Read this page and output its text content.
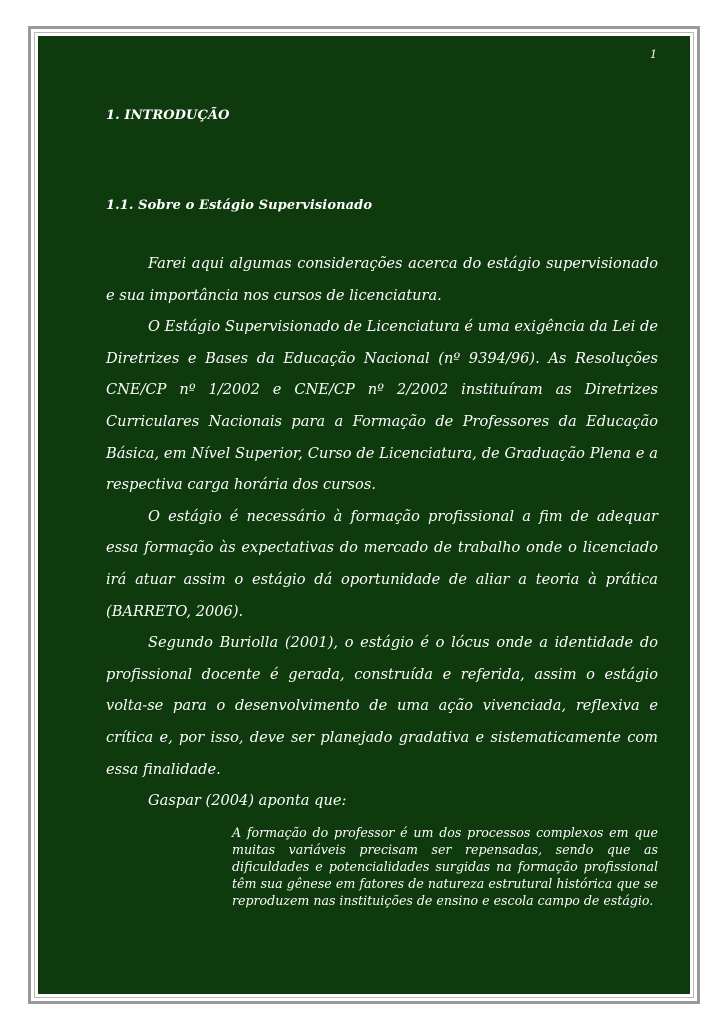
1
1. INTRODUÇÃO
1.1. Sobre o Estágio Supervisionado

Farei aqui algumas considerações acerca do estágio supervisionado e sua importância nos cursos de licenciatura.

O Estágio Supervisionado de Licenciatura é uma exigência da Lei de Diretrizes e Bases da Educação Nacional (nº 9394/96). As Resoluções CNE/CP nº 1/2002 e CNE/CP nº 2/2002 instituíram as Diretrizes Curriculares Nacionais para a Formação de Professores da Educação Básica, em Nível Superior, Curso de Licenciatura, de Graduação Plena e a respectiva carga horária dos cursos.

O estágio é necessário à formação profissional a fim de adequar essa formação às expectativas do mercado de trabalho onde o licenciado irá atuar assim o estágio dá oportunidade de aliar a teoria à prática (BARRETO, 2006).

Segundo Buriolla (2001), o estágio é o lócus onde a identidade do profissional docente é gerada, construída e referida, assim o estágio volta-se para o desenvolvimento de uma ação vivenciada, reflexiva e crítica e, por isso, deve ser planejado gradativa e sistematicamente com essa finalidade.

Gaspar (2004) aponta que:

A formação do professor é um dos processos complexos em que muitas variáveis precisam ser repensadas, sendo que as dificuldades e potencialidades surgidas na formação profissional têm sua gênese em fatores de natureza estrutural histórica que se reproduzem nas instituições de ensino e escola campo de estágio.
